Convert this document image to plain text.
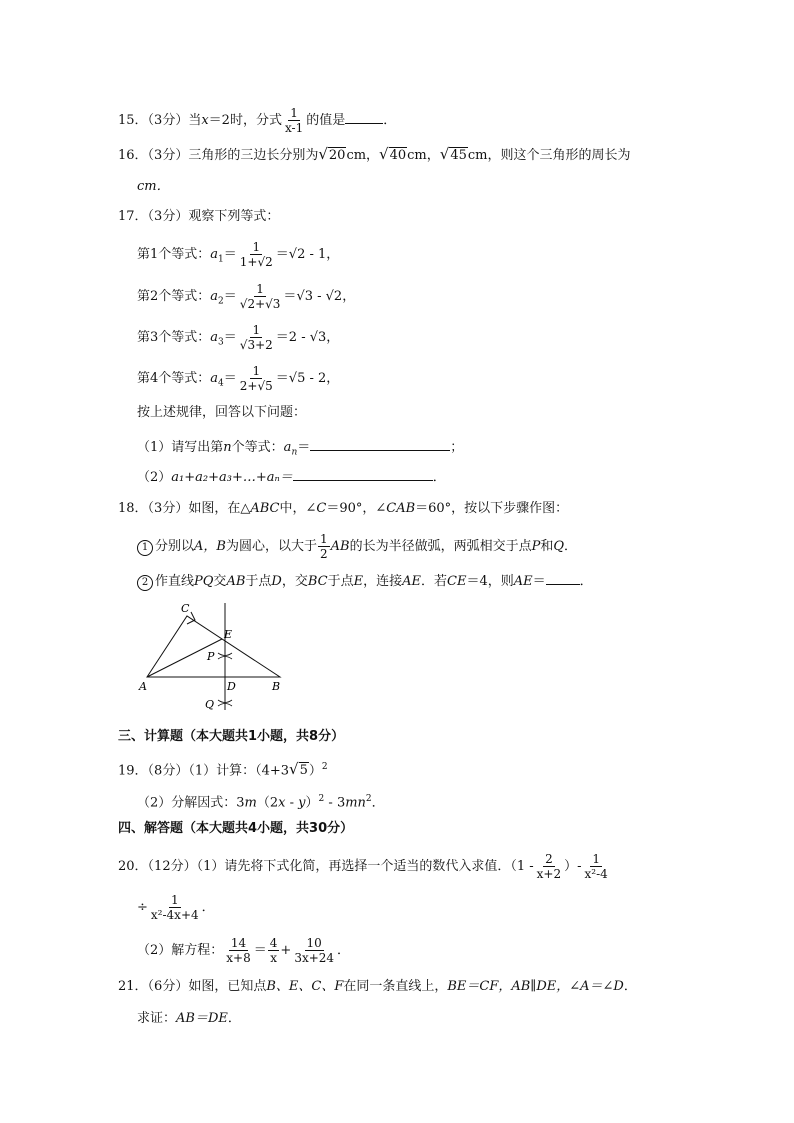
15．（3分）当x＝2时，分式 $\frac{1}{x-1}$ 的值是	．
16．（3分）三角形的三边长分别为 √ 20 cm， √ 40 cm， √ 45 cm，则这个三角形的周长为
cm．
17．（3分）观察下列等式：
第1个等式：$a_1= \frac{1}{1+√2} =√2 - 1$，
第2个等式：$a_2= \frac{1}{√2+√3} =√3 - √2$，
第3个等式：$a_3= \frac{1}{√3+2} =2 - √3$，
第4个等式：$a_4= \frac{1}{2+√5} =√5 - 2$，
按上述规律，回答以下问题：
（1）请写出第n个等式：$a_n=$	；
（2）a₁+a₂+a₃+…+aₙ＝	．
18．（3分）如图，在△ABC中，∠C＝90°，∠CAB＝60°，按以下步骤作图：
1 分别以A，B为圆心，以大于 $\frac{1}{2}$ AB的长为半径做弧，两弧相交于点P和Q．
2 作直线PQ交AB于点D，交BC于点E，连接AE．若CE＝4，则AE＝	．
A
C
B
D
E
P
Q
三、计算题（本大题共1小题，共8分）
19．（8分）（1）计算：（4+3 √ 5 ）$^2$
（2）分解因式：$3m(2x - y)^2 - 3mn^2$．
四、解答题（本大题共4小题，共30分）
20．（12分）（1）请先将下式化简，再选择一个适当的数代入求值．（$1 - \frac{2}{x+2}$ ）- $\frac{1}{\text{x²-4}}$
÷ $\frac{1}{\text{x²-4x+4}}$ ．
（2）解方程： $\frac{14}{x+8} = \frac{4}{x} + \frac{10}{3x+24}$ ．
21．（6分）如图，已知点B、E、C、F在同一条直线上，BE＝CF，AB∥DE，∠A＝∠D．
求证：AB＝DE．
